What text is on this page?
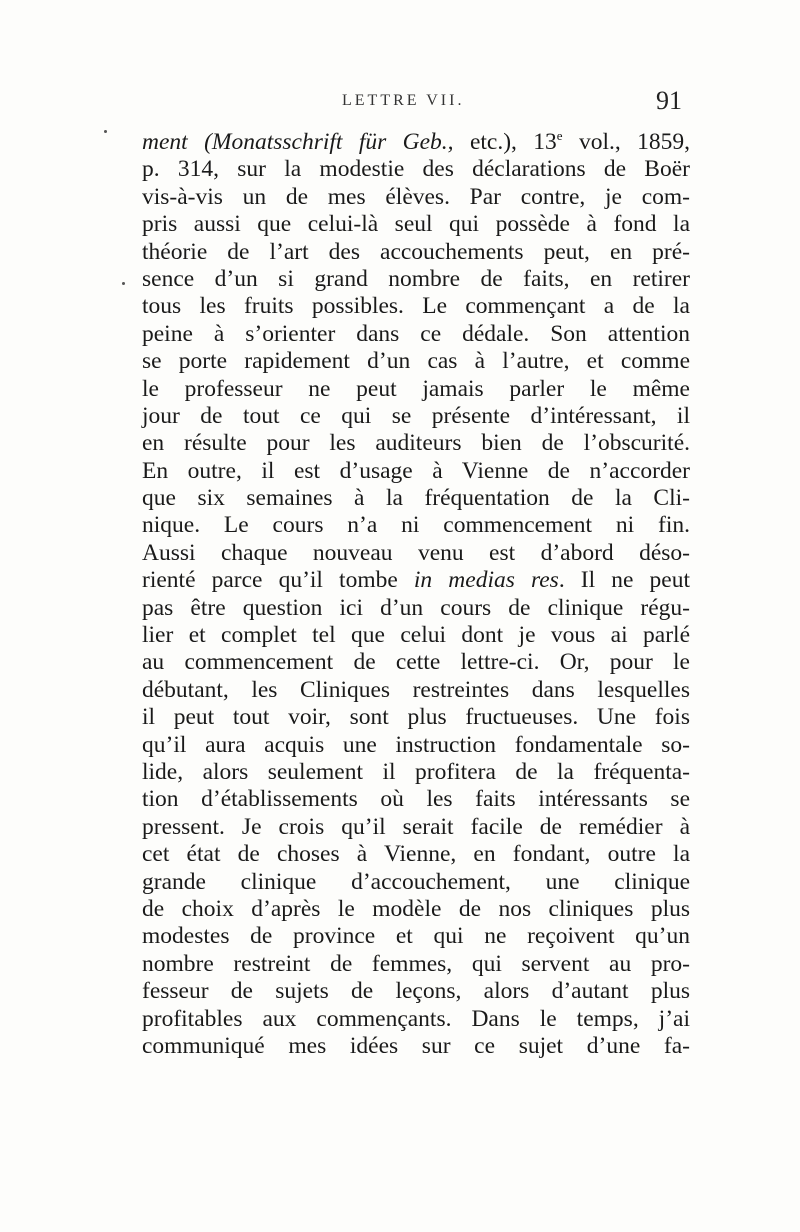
LETTRE VII.	91
ment (Monatsschrift für Geb., etc.), 13e vol., 1859,
p. 314, sur la modestie des déclarations de Boër
vis-à-vis un de mes élèves. Par contre, je com-
pris aussi que celui-là seul qui possède à fond la
théorie de l’art des accouchements peut, en pré-
sence d’un si grand nombre de faits, en retirer
tous les fruits possibles. Le commençant a de la
peine à s’orienter dans ce dédale. Son attention
se porte rapidement d’un cas à l’autre, et comme
le professeur ne peut jamais parler le même
jour de tout ce qui se présente d’intéressant, il
en résulte pour les auditeurs bien de l’obscurité.
En outre, il est d’usage à Vienne de n’accorder
que six semaines à la fréquentation de la Cli-
nique. Le cours n’a ni commencement ni fin.
Aussi chaque nouveau venu est d’abord déso-
rienté parce qu’il tombe in medias res. Il ne peut
pas être question ici d’un cours de clinique régu-
lier et complet tel que celui dont je vous ai parlé
au commencement de cette lettre-ci. Or, pour le
débutant, les Cliniques restreintes dans lesquelles
il peut tout voir, sont plus fructueuses. Une fois
qu’il aura acquis une instruction fondamentale so-
lide, alors seulement il profitera de la fréquenta-
tion d’établissements où les faits intéressants se
pressent. Je crois qu’il serait facile de remédier à
cet état de choses à Vienne, en fondant, outre la
grande clinique d’accouchement, une clinique
de choix d’après le modèle de nos cliniques plus
modestes de province et qui ne reçoivent qu’un
nombre restreint de femmes, qui servent au pro-
fesseur de sujets de leçons, alors d’autant plus
profitables aux commençants. Dans le temps, j’ai
communiqué mes idées sur ce sujet d’une fa-
